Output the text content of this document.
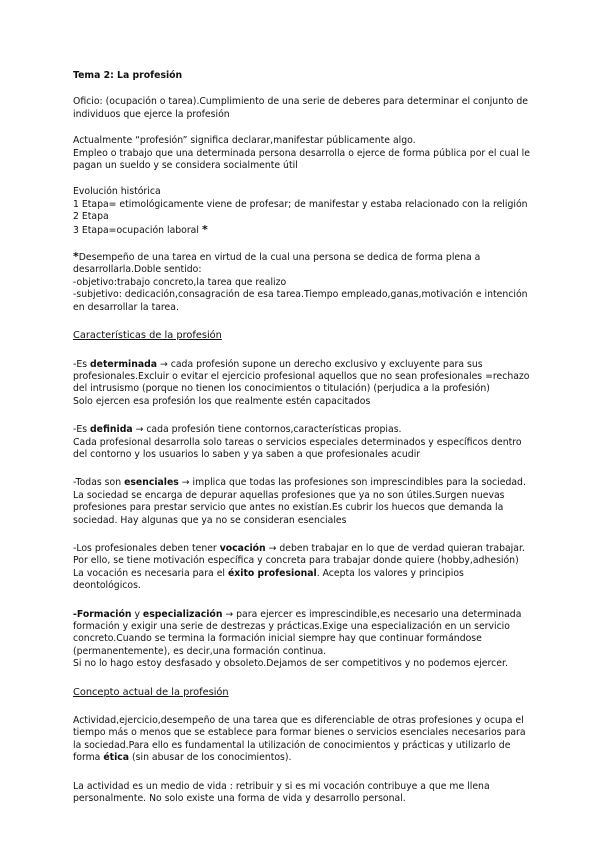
Tema 2: La profesión

Oficio: (ocupación o tarea).Cumplimiento de una serie de deberes para determinar el conjunto de individuos que ejerce la profesión

Actualmente “profesión” significa declarar,manifestar públicamente algo.

Empleo o trabajo que una determinada persona desarrolla o ejerce de forma pública por el cual le pagan un sueldo y se considera socialmente útil

Evolución histórica

1 Etapa= etimológicamente viene de profesar; de manifestar y estaba relacionado con la religión

2 Etapa

3 Etapa=ocupación laboral *

*Desempeño de una tarea en virtud de la cual una persona se dedica de forma plena a desarrollarla.Doble sentido:

-objetivo:trabajo concreto,la tarea que realizo

-subjetivo: dedicación,consagración de esa tarea.Tiempo empleado,ganas,motivación e intención en desarrollar la tarea.

Características de la profesión

-Es determinada → cada profesión supone un derecho exclusivo y excluyente para sus profesionales.Excluir o evitar el ejercicio profesional aquellos que no sean profesionales =rechazo del intrusismo (porque no tienen los conocimientos o titulación) (perjudica a la profesión)

Solo ejercen esa profesión los que realmente estén capacitados

-Es definida → cada profesión tiene contornos,características propias.

Cada profesional desarrolla solo tareas o servicios especiales determinados y específicos dentro del contorno y los usuarios lo saben y ya saben a que profesionales acudir

-Todas son esenciales → implica que todas las profesiones son imprescindibles para la sociedad.

La sociedad se encarga de depurar aquellas profesiones que ya no son útiles.Surgen nuevas profesiones para prestar servicio que antes no existían.Es cubrir los huecos que demanda la sociedad. Hay algunas que ya no se consideran esenciales

-Los profesionales deben tener vocación → deben trabajar en lo que de verdad quieran trabajar.

Por ello, se tiene motivación específica y concreta para trabajar donde quiere (hobby,adhesión)

La vocación es necesaria para el éxito profesional. Acepta los valores y principios deontológicos.

-Formación y especialización → para ejercer es imprescindible,es necesario una determinada formación y exigir una serie de destrezas y prácticas.Exige una especialización en un servicio concreto.Cuando se termina la formación inicial siempre hay que continuar formándose (permanentemente), es decir,una formación continua.

Si no lo hago estoy desfasado y obsoleto.Dejamos de ser competitivos y no podemos ejercer.

Concepto actual de la profesión

Actividad,ejercicio,desempeño de una tarea que es diferenciable de otras profesiones y ocupa el tiempo más o menos que se establece para formar bienes o servicios esenciales necesarios para la sociedad.Para ello es fundamental la utilización de conocimientos y prácticas y utilizarlo de forma ética (sin abusar de los conocimientos).

La actividad es un medio de vida : retribuir y si es mi vocación contribuye a que me llena personalmente. No solo existe una forma de vida y desarrollo personal.
